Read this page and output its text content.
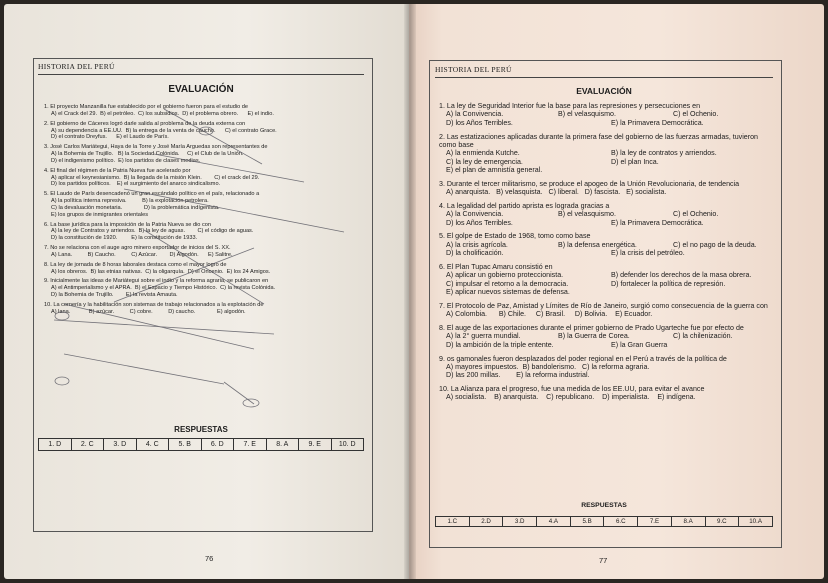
HISTORIA DEL PERÚ
EVALUACIÓN
1. El proyecto Manzanilla fue establecido por el gobierno fueron para el estudio de
A) el Crack del 29.  B) el petróleo.  C) los subsidios.  D) el problema obrero.      E) el indio.
2. El gobierno de Cáceres logró darle salida al problema de la deuda externa con
A) su dependencia a EE.UU.  B) la entrega de la venta de caucho.      C) el contrato Grace.
D) el contrato Dreyfus.      E) el Laudo de París.
3. José Carlos Mariátegui, Haya de la Torre y José María Arguedas son representantes de
A) la Bohemia de Trujillo.   B) la Sociedad Colónida.     C) el Club de la Unión.
D) el indigenismo político.  E) los partidos de clases medias.
4. El final del régimen de la Patria Nueva fue acelerado por
A) aplicar el keynesianismo.  B) la llegada de la misión Klein.        C) el crack del 29.
D) los partidos políticos.    E) el surgimiento del anarco sindicalismo.
5. El Laudo de París desencadenó un gran escándalo político en el país, relacionado a
A) la política interna represiva.          B) la explotación petrolera.
C) la devaluación monetaria.              D) la problemática indígenista.
E) los grupos de inmigrantes orientales
6. La base jurídica para la imposición de la Patria Nueva se dio con
A) la ley de Contratos y arriendos.  B) la ley de aguas.        C) el código de aguas.
D) la constitución de 1920.         E) la constitución de 1933.
7. No se relaciona con el auge agro minero exportador de inicios del S. XX.
A) Lana.          B) Caucho.          C) Azúcar.        D) Algodón.      E) Salitre.
8. La ley de jornada de 8 horas laborales destaca como el mayor logro de
A) los obreros.  B) las etnias nativas.  C) la oligarquía.  D) el Oncenio.  E) los 24 Amigos.
9. Inicialmente las ideas de Mariátegui sobre el indio y la reforma agraria, se publicaron en
A) el Antimperialismo y el APRA.  B) el Espacio y Tiempo Histórico.  C) la revista Colónida.
D) la Bohemia de Trujillo.        E) la revista Amauta.
10. La cornería y la habilitación son sistemas de trabajo relacionados a la explotación de
A) lana.            B) azúcar.          C) cobre.          D) caucho.              E) algodón.
RESPUESTAS
1. D	2. C	3. D	4. C	5. B	6. D	7. E	8. A	9. E	10. D
76
HISTORIA DEL PERÚ
EVALUACIÓN
1. La ley de Seguridad Interior fue la base para las represiones y persecuciones en
A) la Convivencia.	B) el velasquismo.	C) el Ochenio.
D) los Años Terribles.	E) la Primavera Democrática.
2. Las estatizaciones aplicadas durante la primera fase del gobierno de las fuerzas armadas, tuvieron como base
A) la enmienda Kutche.	B) la ley de contratos y arriendos.
C) la ley de emergencia.	D) el plan Inca.
E) el plan de amnistía general.
3. Durante el tercer militarismo, se produce el apogeo de la Unión Revolucionaria, de tendencia
A) anarquista.   B) velasquista.   C) liberal.   D) fascista.   E) socialista.
4. La legalidad del partido aprista es lograda gracias a
A) la Convivencia.	B) el velasquismo.	C) el Ochenio.
D) los Años Terribles.	E) la Primavera Democrática.
5. El golpe de Estado de 1968, tomo como base
A) la crisis agrícola.	B) la defensa energética.	C) el no pago de la deuda.
D) la cholificación.	E) la crisis del petróleo.
6. El Plan Tupac Amaru consistió en
A) aplicar un gobierno proteccionista.	B) defender los derechos de la masa obrera.
C) impulsar el retorno a la democracia.	D) fortalecer la política de represión.
E) aplicar nuevos sistemas de defensa.
7. El Protocolo de Paz, Amistad y Límites de Río de Janeiro, surgió como consecuencia de la guerra con
A) Colombia.      B) Chile.     C) Brasil.     D) Bolivia.    E) Ecuador.
8. El auge de las exportaciones durante el primer gobierno de Prado Ugarteche fue por efecto de
A) la 2° guerra mundial.	B) la Guerra de Corea.	C) la chilenización.
D) la ambición de la triple entente.	E) la Gran Guerra
9. os gamonales fueron desplazados del poder regional en el Perú a través de la política de
A) mayores impuestos.  B) bandolerismo.   C) la reforma agraria.
D) las 200 millas.        E) la reforma industrial.
10. La Alianza para el progreso, fue una medida de los EE.UU, para evitar el avance
A) socialista.    B) anarquista.    C) republicano.    D) imperialista.    E) indígena.
RESPUESTAS
1.C	2.D	3.D	4.A	5.B	6.C	7.E	8.A	9.C	10.A
77
